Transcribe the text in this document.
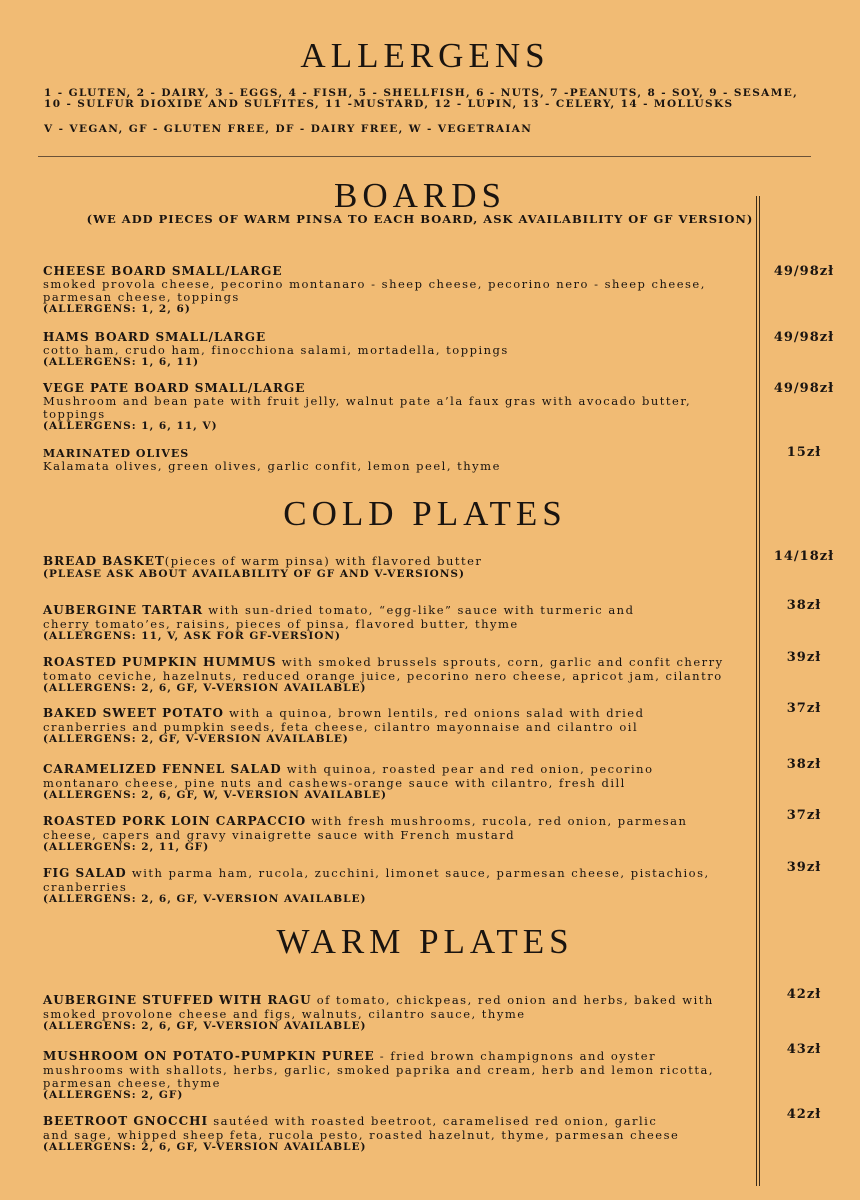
ALLERGENS
1 - GLUTEN, 2 - DAIRY, 3 - EGGS, 4 - FISH, 5 - SHELLFISH, 6 - NUTS, 7 -PEANUTS, 8 - SOY, 9 - SESAME,
10 - SULFUR DIOXIDE AND SULFITES, 11 -MUSTARD, 12 - LUPIN, 13 - CELERY, 14 - MOLLUSKS
V - VEGAN, GF - GLUTEN FREE, DF - DAIRY FREE, W - VEGETRAIAN
BOARDS
(WE ADD PIECES OF WARM PINSA TO EACH BOARD, ASK AVAILABILITY OF GF VERSION)
CHEESE BOARD SMALL/LARGE
smoked provola cheese, pecorino montanaro - sheep cheese, pecorino nero - sheep cheese,
parmesan cheese, toppings
(ALLERGENS: 1, 2, 6)
49/98zł
HAMS BOARD SMALL/LARGE
cotto ham, crudo ham, finocchiona salami, mortadella, toppings
(ALLERGENS: 1, 6, 11)
49/98zł
VEGE PATE BOARD SMALL/LARGE
Mushroom and bean pate with fruit jelly, walnut pate a’la faux gras with avocado butter,
toppings
(ALLERGENS: 1, 6, 11, V)
49/98zł
MARINATED OLIVES
Kalamata olives, green olives, garlic confit, lemon peel, thyme
15zł
COLD PLATES
BREAD BASKET(pieces of warm pinsa) with flavored butter
(PLEASE ASK ABOUT AVAILABILITY OF GF AND V-VERSIONS)
14/18zł
AUBERGINE TARTAR with sun-dried tomato, “egg-like” sauce with turmeric and
cherry tomato’es, raisins, pieces of pinsa, flavored butter, thyme
(ALLERGENS: 11, V, ASK FOR GF-VERSION)
38zł
ROASTED PUMPKIN HUMMUS with smoked brussels sprouts, corn, garlic and confit cherry
tomato ceviche, hazelnuts, reduced orange juice, pecorino nero cheese, apricot jam, cilantro
(ALLERGENS: 2, 6, GF, V-VERSION AVAILABLE)
39zł
BAKED SWEET POTATO with a quinoa, brown lentils, red onions salad with dried
cranberries and pumpkin seeds, feta cheese, cilantro mayonnaise and cilantro oil
(ALLERGENS: 2, GF, V-VERSION AVAILABLE)
37zł
CARAMELIZED FENNEL SALAD with quinoa, roasted pear and red onion, pecorino
montanaro cheese, pine nuts and cashews-orange sauce with cilantro, fresh dill
(ALLERGENS: 2, 6, GF, W, V-VERSION AVAILABLE)
38zł
ROASTED PORK LOIN CARPACCIO with fresh mushrooms, rucola, red onion, parmesan
cheese, capers and gravy vinaigrette sauce with French mustard
(ALLERGENS: 2, 11, GF)
37zł
FIG SALAD with parma ham, rucola, zucchini, limonet sauce, parmesan cheese, pistachios,
cranberries
(ALLERGENS: 2, 6, GF, V-VERSION AVAILABLE)
39zł
WARM PLATES
AUBERGINE STUFFED WITH RAGU of tomato, chickpeas, red onion and herbs, baked with
smoked provolone cheese and figs, walnuts, cilantro sauce, thyme
(ALLERGENS: 2, 6, GF, V-VERSION AVAILABLE)
42zł
MUSHROOM ON POTATO-PUMPKIN PUREE - fried brown champignons and oyster
mushrooms with shallots, herbs, garlic, smoked paprika and cream, herb and lemon ricotta,
parmesan cheese, thyme
(ALLERGENS: 2, GF)
43zł
BEETROOT GNOCCHI sautéed with roasted beetroot, caramelised red onion, garlic
and sage, whipped sheep feta, rucola pesto, roasted hazelnut, thyme, parmesan cheese
(ALLERGENS: 2, 6, GF, V-VERSION AVAILABLE)
42zł
